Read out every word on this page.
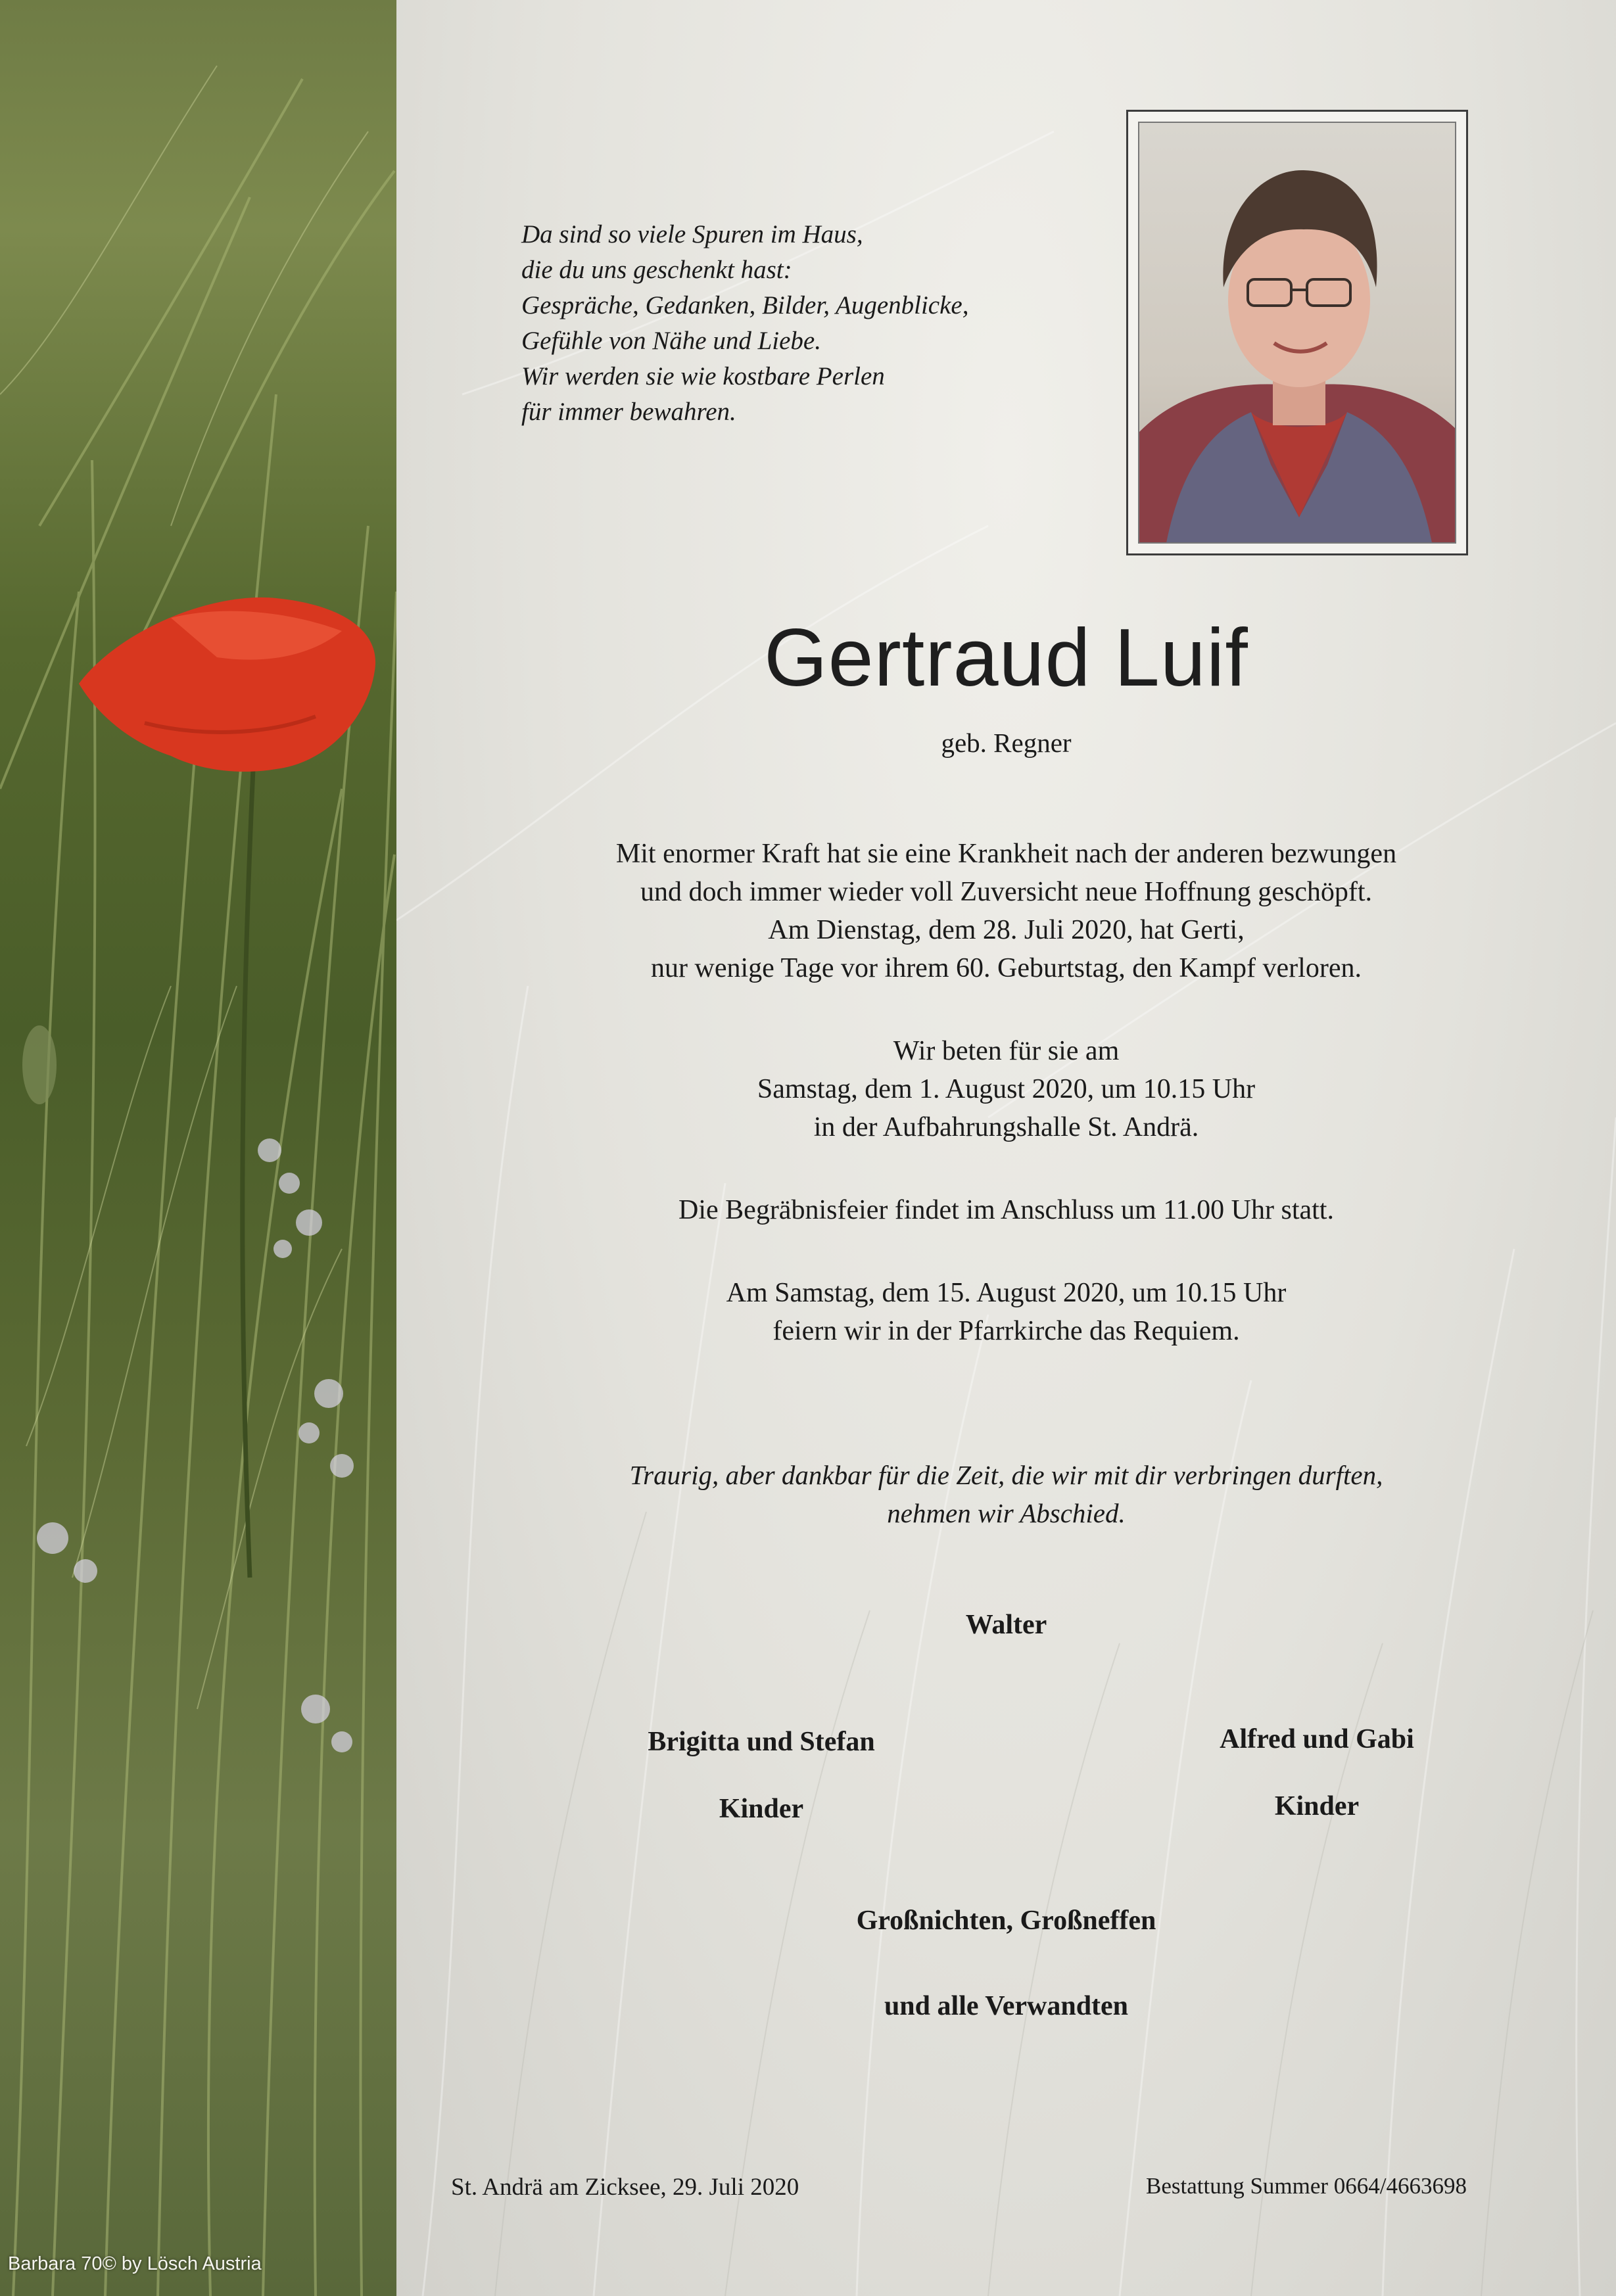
Barbara 70© by Lösch Austria
Da sind so viele Spuren im Haus,
die du uns geschenkt hast:
Gespräche, Gedanken, Bilder, Augenblicke,
Gefühle von Nähe und Liebe.
Wir werden sie wie kostbare Perlen
für immer bewahren.
Gertraud Luif
geb. Regner
Mit enormer Kraft hat sie eine Krankheit nach der anderen bezwungen
und doch immer wieder voll Zuversicht neue Hoffnung geschöpft.
Am Dienstag, dem 28. Juli 2020, hat Gerti,
nur wenige Tage vor ihrem 60. Geburtstag, den Kampf verloren.
Wir beten für sie am
Samstag, dem 1. August 2020, um 10.15 Uhr
in der Aufbahrungshalle St. Andrä.
Die Begräbnisfeier findet im Anschluss um 11.00 Uhr statt.
Am Samstag, dem 15. August 2020, um 10.15 Uhr
feiern wir in der Pfarrkirche das Requiem.
Traurig, aber dankbar für die Zeit, die wir mit dir verbringen durften,
nehmen wir Abschied.
Walter
Brigitta und Stefan
Kinder
Alfred und Gabi
Kinder
Großnichten, Großneffen
und alle Verwandten
St. Andrä am Zicksee, 29. Juli 2020	Bestattung Summer 0664/4663698
